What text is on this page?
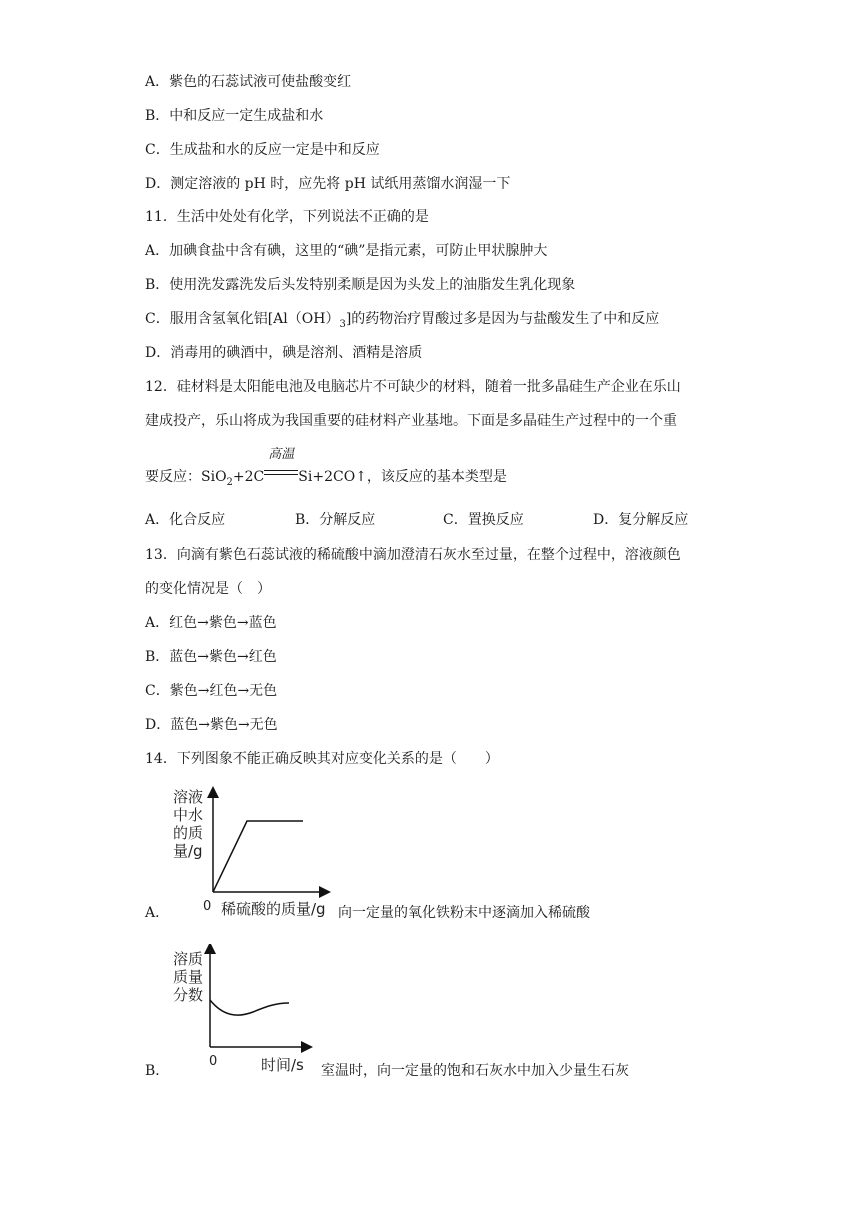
A．紫色的石蕊试液可使盐酸变红
B．中和反应一定生成盐和水
C．生成盐和水的反应一定是中和反应
D．测定溶液的 pH 时，应先将 pH 试纸用蒸馏水润湿一下
11．生活中处处有化学，下列说法不正确的是
A．加碘食盐中含有碘，这里的“碘”是指元素，可防止甲状腺肿大
B．使用洗发露洗发后头发特别柔顺是因为头发上的油脂发生乳化现象
C．服用含氢氧化铝$[Al(OH)_3]$的药物治疗胃酸过多是因为与盐酸发生了中和反应
D．消毒用的碘酒中，碘是溶剂、酒精是溶质
12．硅材料是太阳能电池及电脑芯片不可缺少的材料，随着一批多晶硅生产企业在乐山
建成投产，乐山将成为我国重要的硅材料产业基地。下面是多晶硅生产过程中的一个重
要反应：SiO$_2$+2C
高温
Si+2CO↑，该反应的基本类型是
A．化合反应	B．分解反应	C．置换反应	D．复分解反应
13．向滴有紫色石蕊试液的稀硫酸中滴加澄清石灰水至过量，在整个过程中，溶液颜色
的变化情况是（　）
A．红色→紫色→蓝色
B．蓝色→紫色→红色
C．紫色→红色→无色
D．蓝色→紫色→无色
14．下列图象不能正确反映其对应变化关系的是（　　）
溶液
中水
的质
量/g
0 稀硫酸的质量/g
A．	向一定量的氧化铁粉末中逐滴加入稀硫酸
溶质
质量
分数
0	时间/s
B．	室温时，向一定量的饱和石灰水中加入少量生石灰
